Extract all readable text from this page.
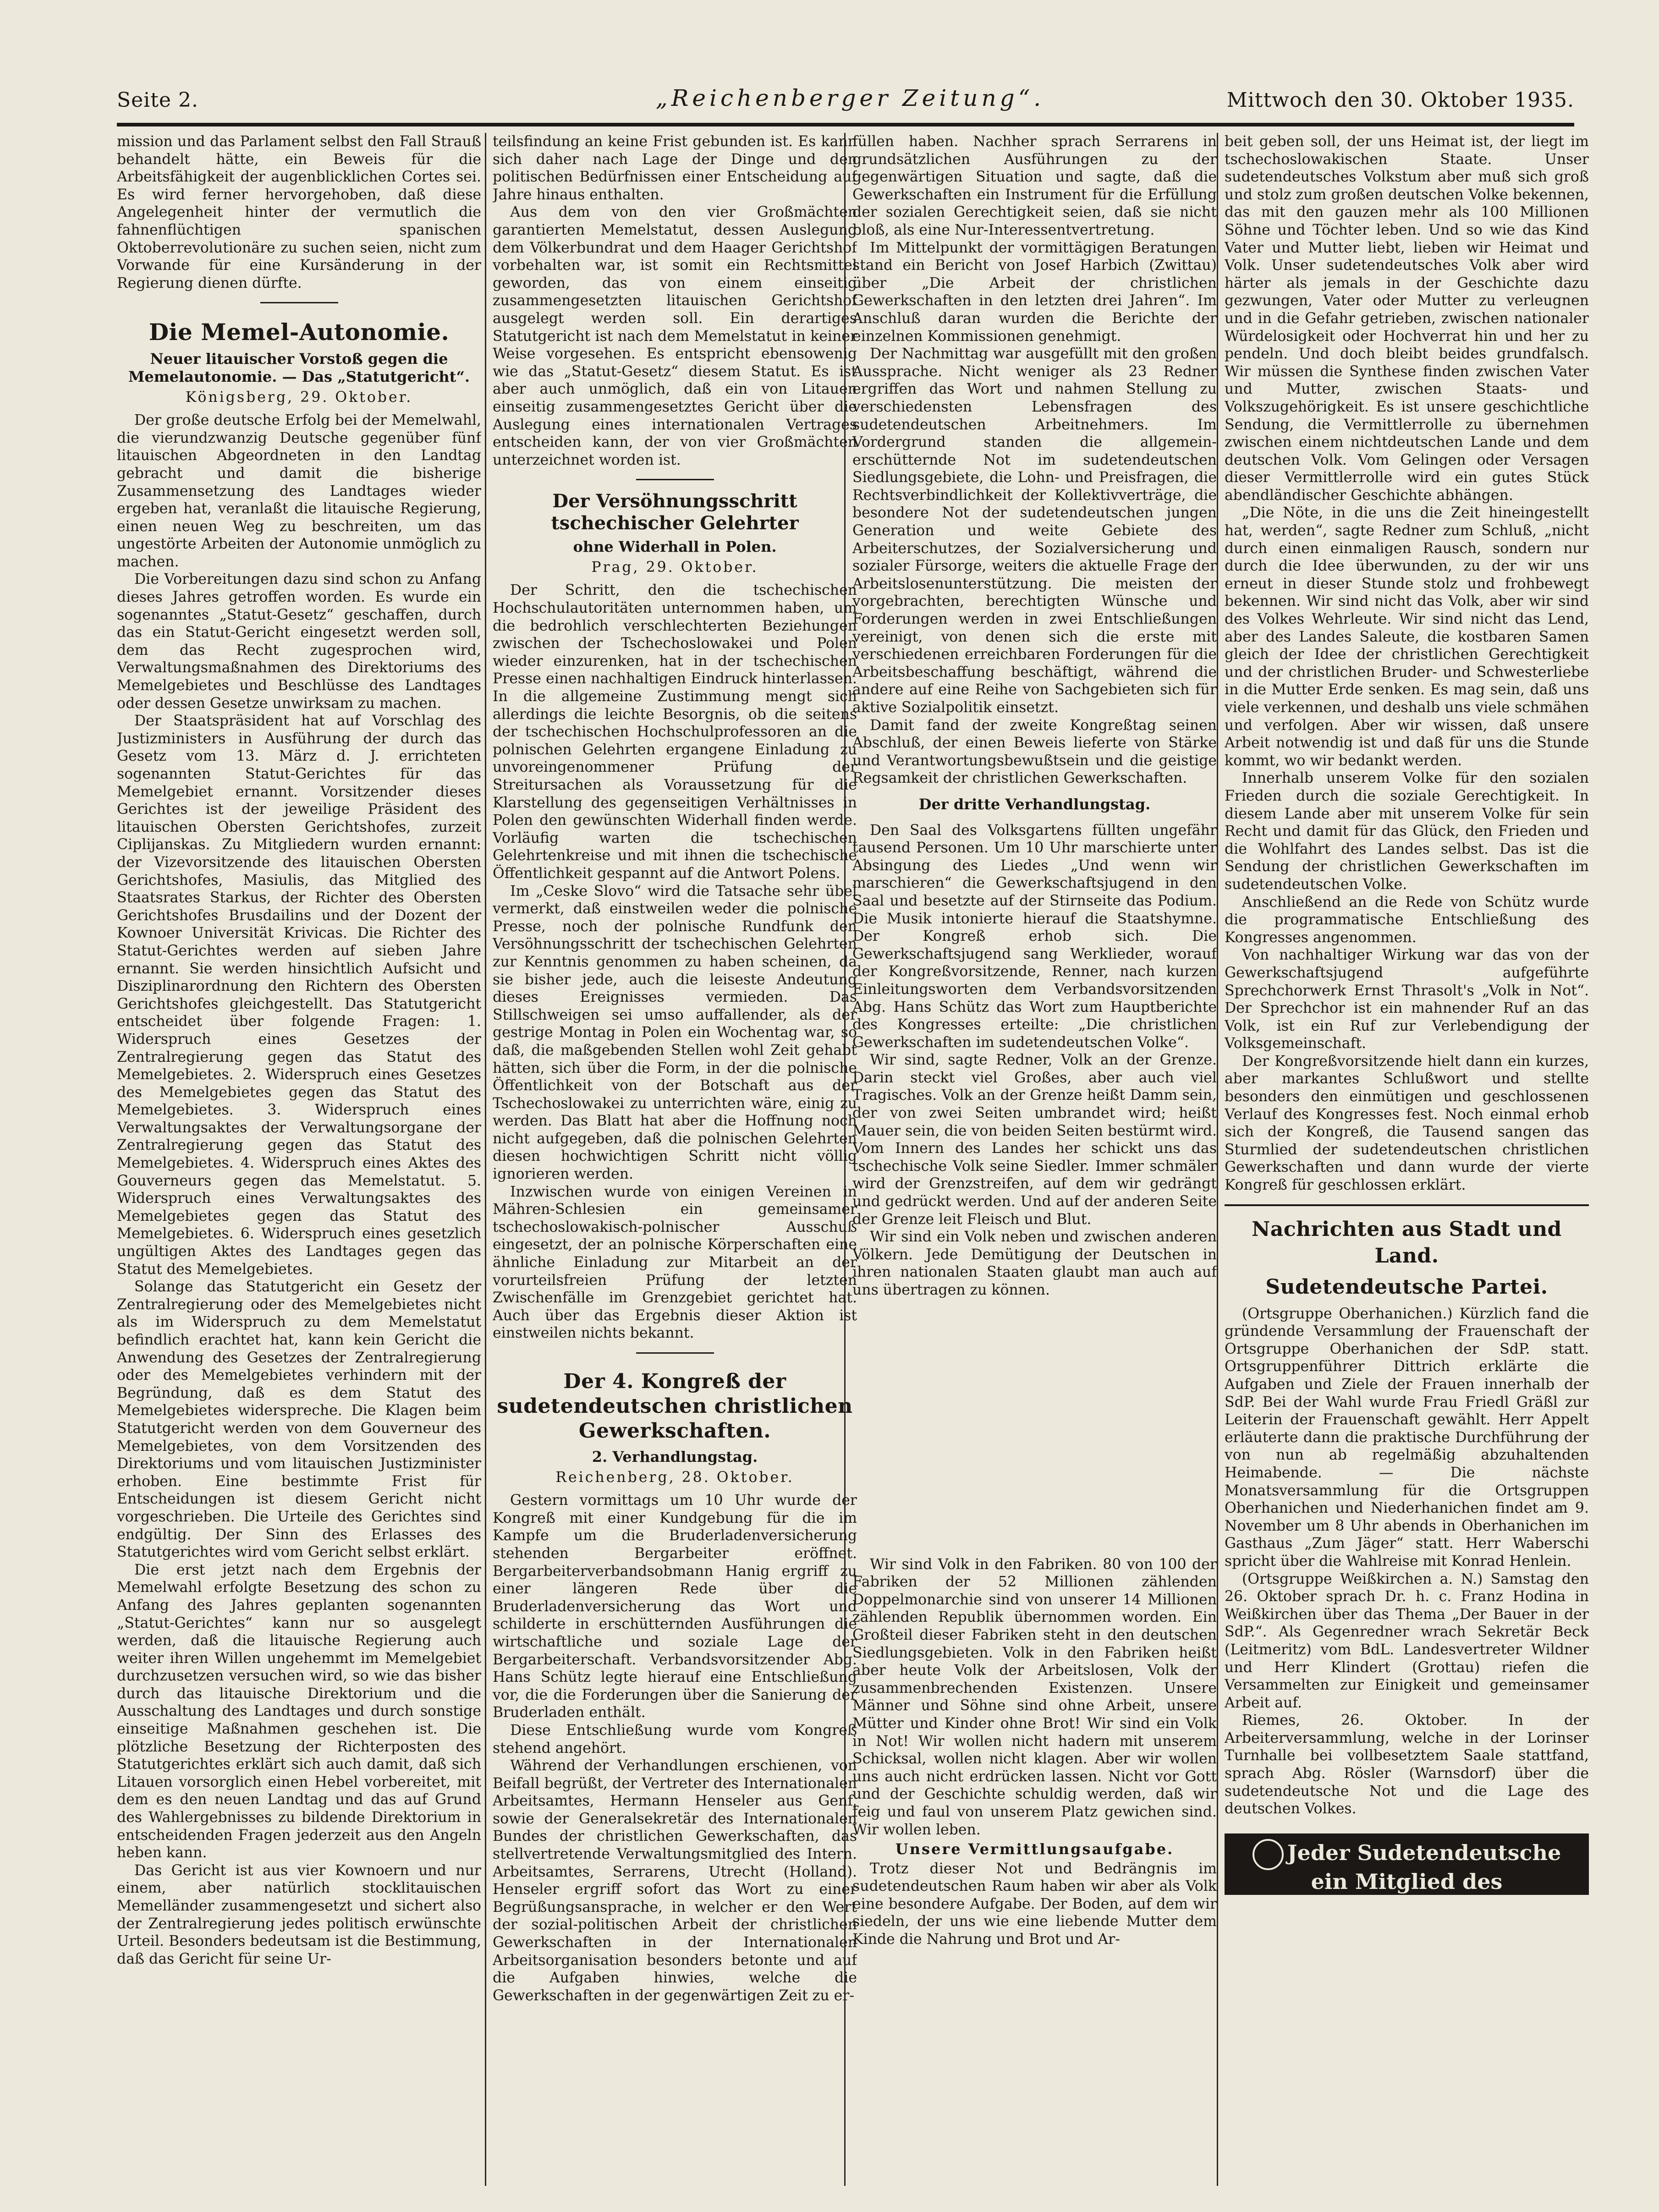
Seite 2.	„Reichenberger Zeitung“.	Mittwoch den 30. Oktober 1935.

mission und das Parlament selbst den Fall Strauß behandelt hätte, ein Beweis für die Arbeitsfähigkeit der augenblicklichen Cortes sei. Es wird ferner hervorgehoben, daß diese Angelegenheit hinter der vermutlich die fahnenflüchtigen spanischen Oktoberrevolutionäre zu suchen seien, nicht zum Vorwande für eine Kursänderung in der Regierung dienen dürfte.

Die Memel-Autonomie.

Neuer litauischer Vorstoß gegen die Memelautonomie. — Das „Statutgericht“.

Königsberg, 29. Oktober.

Der große deutsche Erfolg bei der Memelwahl, die vierundzwanzig Deutsche gegenüber fünf litauischen Abgeordneten in den Landtag gebracht und damit die bisherige Zusammensetzung des Landtages wieder ergeben hat, veranlaßt die litauische Regierung, einen neuen Weg zu beschreiten, um das ungestörte Arbeiten der Autonomie unmöglich zu machen.

Die Vorbereitungen dazu sind schon zu Anfang dieses Jahres getroffen worden. Es wurde ein sogenanntes „Statut-Gesetz“ geschaffen, durch das ein Statut-Gericht eingesetzt werden soll, dem das Recht zugesprochen wird, Verwaltungsmaßnahmen des Direktoriums des Memelgebietes und Beschlüsse des Landtages oder dessen Gesetze unwirksam zu machen.

Der Staatspräsident hat auf Vorschlag des Justizministers in Ausführung der durch das Gesetz vom 13. März d. J. errichteten sogenannten Statut-Gerichtes für das Memelgebiet ernannt. Vorsitzender dieses Gerichtes ist der jeweilige Präsident des litauischen Obersten Gerichtshofes, zurzeit Ciplijanskas. Zu Mitgliedern wurden ernannt: der Vizevorsitzende des litauischen Obersten Gerichtshofes, Masiulis, das Mitglied des Staatsrates Starkus, der Richter des Obersten Gerichtshofes Brusdailins und der Dozent der Kownoer Universität Krivicas. Die Richter des Statut-Gerichtes werden auf sieben Jahre ernannt. Sie werden hinsichtlich Aufsicht und Disziplinarordnung den Richtern des Obersten Gerichtshofes gleichgestellt. Das Statutgericht entscheidet über folgende Fragen: 1. Widerspruch eines Gesetzes der Zentralregierung gegen das Statut des Memelgebietes. 2. Widerspruch eines Gesetzes des Memelgebietes gegen das Statut des Memelgebietes. 3. Widerspruch eines Verwaltungsaktes der Verwaltungsorgane der Zentralregierung gegen das Statut des Memelgebietes. 4. Widerspruch eines Aktes des Gouverneurs gegen das Memelstatut. 5. Widerspruch eines Verwaltungsaktes des Memelgebietes gegen das Statut des Memelgebietes. 6. Widerspruch eines gesetzlich ungültigen Aktes des Landtages gegen das Statut des Memelgebietes.

Solange das Statutgericht ein Gesetz der Zentralregierung oder des Memelgebietes nicht als im Widerspruch zu dem Memelstatut befindlich erachtet hat, kann kein Gericht die Anwendung des Gesetzes der Zentralregierung oder des Memelgebietes verhindern mit der Begründung, daß es dem Statut des Memelgebietes widerspreche. Die Klagen beim Statutgericht werden von dem Gouverneur des Memelgebietes, von dem Vorsitzenden des Direktoriums und vom litauischen Justizminister erhoben. Eine bestimmte Frist für Entscheidungen ist diesem Gericht nicht vorgeschrieben. Die Urteile des Gerichtes sind endgültig. Der Sinn des Erlasses des Statutgerichtes wird vom Gericht selbst erklärt.

Die erst jetzt nach dem Ergebnis der Memelwahl erfolgte Besetzung des schon zu Anfang des Jahres geplanten sogenannten „Statut-Gerichtes“ kann nur so ausgelegt werden, daß die litauische Regierung auch weiter ihren Willen ungehemmt im Memelgebiet durchzusetzen versuchen wird, so wie das bisher durch das litauische Direktorium und die Ausschaltung des Landtages und durch sonstige einseitige Maßnahmen geschehen ist. Die plötzliche Besetzung der Richterposten des Statutgerichtes erklärt sich auch damit, daß sich Litauen vorsorglich einen Hebel vorbereitet, mit dem es den neuen Landtag und das auf Grund des Wahlergebnisses zu bildende Direktorium in entscheidenden Fragen jederzeit aus den Angeln heben kann.

Das Gericht ist aus vier Kownoern und nur einem, aber natürlich stocklitauischen Memelländer zusammengesetzt und sichert also der Zentralregierung jedes politisch erwünschte Urteil. Besonders bedeutsam ist die Bestimmung, daß das Gericht für seine Ur-

teilsfindung an keine Frist gebunden ist. Es kann sich daher nach Lage der Dinge und den politischen Bedürfnissen einer Entscheidung auf Jahre hinaus enthalten.

Aus dem von den vier Großmächten garantierten Memelstatut, dessen Auslegung dem Völkerbundrat und dem Haager Gerichtshof vorbehalten war, ist somit ein Rechtsmittel geworden, das von einem einseitig zusammengesetzten litauischen Gerichtshof ausgelegt werden soll. Ein derartiges Statutgericht ist nach dem Memelstatut in keiner Weise vorgesehen. Es entspricht ebensowenig wie das „Statut-Gesetz“ diesem Statut. Es ist aber auch unmöglich, daß ein von Litauen einseitig zusammengesetztes Gericht über die Auslegung eines internationalen Vertrages entscheiden kann, der von vier Großmächten unterzeichnet worden ist.

Der Versöhnungsschritt tschechischer Gelehrter

ohne Widerhall in Polen.

Prag, 29. Oktober.

Der Schritt, den die tschechischen Hochschulautoritäten unternommen haben, um die bedrohlich verschlechterten Beziehungen zwischen der Tschechoslowakei und Polen wieder einzurenken, hat in der tschechischen Presse einen nachhaltigen Eindruck hinterlassen. In die allgemeine Zustimmung mengt sich allerdings die leichte Besorgnis, ob die seitens der tschechischen Hochschulprofessoren an die polnischen Gelehrten ergangene Einladung zu unvoreingenommener Prüfung der Streitursachen als Voraussetzung für die Klarstellung des gegenseitigen Verhältnisses in Polen den gewünschten Widerhall finden werde. Vorläufig warten die tschechischen Gelehrtenkreise und mit ihnen die tschechische Öffentlichkeit gespannt auf die Antwort Polens.

Im „Ceske Slovo“ wird die Tatsache sehr übel vermerkt, daß einstweilen weder die polnische Presse, noch der polnische Rundfunk den Versöhnungsschritt der tschechischen Gelehrten zur Kenntnis genommen zu haben scheinen, da sie bisher jede, auch die leiseste Andeutung dieses Ereignisses vermieden. Das Stillschweigen sei umso auffallender, als der gestrige Montag in Polen ein Wochentag war, so daß, die maßgebenden Stellen wohl Zeit gehabt hätten, sich über die Form, in der die polnische Öffentlichkeit von der Botschaft aus der Tschechoslowakei zu unterrichten wäre, einig zu werden. Das Blatt hat aber die Hoffnung noch nicht aufgegeben, daß die polnischen Gelehrten diesen hochwichtigen Schritt nicht völlig ignorieren werden.

Inzwischen wurde von einigen Vereinen in Mähren-Schlesien ein gemeinsamer tschechoslowakisch-polnischer Ausschuß eingesetzt, der an polnische Körperschaften eine ähnliche Einladung zur Mitarbeit an der vorurteilsfreien Prüfung der letzten Zwischenfälle im Grenzgebiet gerichtet hat. Auch über das Ergebnis dieser Aktion ist einstweilen nichts bekannt.

Der 4. Kongreß der sudetendeutschen christlichen Gewerkschaften.

2. Verhandlungstag.

Reichenberg, 28. Oktober.

Gestern vormittags um 10 Uhr wurde der Kongreß mit einer Kundgebung für die im Kampfe um die Bruderladenversicherung stehenden Bergarbeiter eröffnet. Bergarbeiterverbandsobmann Hanig ergriff zu einer längeren Rede über die Bruderladenversicherung das Wort und schilderte in erschütternden Ausführungen die wirtschaftliche und soziale Lage der Bergarbeiterschaft. Verbandsvorsitzender Abg. Hans Schütz legte hierauf eine Entschließung vor, die die Forderungen über die Sanierung der Bruderladen enthält.

Diese Entschließung wurde vom Kongreß stehend angehört.

Während der Verhandlungen erschienen, von Beifall begrüßt, der Vertreter des Internationalen Arbeitsamtes, Hermann Henseler aus Genf, sowie der Generalsekretär des Internationalen Bundes der christlichen Gewerkschaften, das stellvertretende Verwaltungsmitglied des Intern. Arbeitsamtes, Serrarens, Utrecht (Holland). Henseler ergriff sofort das Wort zu einer Begrüßungsansprache, in welcher er den Wert der sozial-politischen Arbeit der christlichen Gewerkschaften in der Internationalen Arbeitsorganisation besonders betonte und auf die Aufgaben hinwies, welche die Gewerkschaften in der gegenwärtigen Zeit zu er-

füllen haben. Nachher sprach Serrarens in grundsätzlichen Ausführungen zu der gegenwärtigen Situation und sagte, daß die Gewerkschaften ein Instrument für die Erfüllung der sozialen Gerechtigkeit seien, daß sie nicht bloß, als eine Nur-Interessentvertretung.

Im Mittelpunkt der vormittägigen Beratungen stand ein Bericht von Josef Harbich (Zwittau) über „Die Arbeit der christlichen Gewerkschaften in den letzten drei Jahren“. Im Anschluß daran wurden die Berichte der einzelnen Kommissionen genehmigt.

Der Nachmittag war ausgefüllt mit den großen Aussprache. Nicht weniger als 23 Redner ergriffen das Wort und nahmen Stellung zu verschiedensten Lebensfragen des sudetendeutschen Arbeitnehmers. Im Vordergrund standen die allgemein-erschütternde Not im sudetendeutschen Siedlungsgebiete, die Lohn- und Preisfragen, die Rechtsverbindlichkeit der Kollektivverträge, die besondere Not der sudetendeutschen jungen Generation und weite Gebiete des Arbeiterschutzes, der Sozialversicherung und sozialer Fürsorge, weiters die aktuelle Frage der Arbeitslosenunterstützung. Die meisten der vorgebrachten, berechtigten Wünsche und Forderungen werden in zwei Entschließungen vereinigt, von denen sich die erste mit verschiedenen erreichbaren Forderungen für die Arbeitsbeschaffung beschäftigt, während die andere auf eine Reihe von Sachgebieten sich für aktive Sozialpolitik einsetzt.

Damit fand der zweite Kongreßtag seinen Abschluß, der einen Beweis lieferte von Stärke und Verantwortungsbewußtsein und die geistige Regsamkeit der christlichen Gewerkschaften.

Der dritte Verhandlungstag.

Den Saal des Volksgartens füllten ungefähr tausend Personen. Um 10 Uhr marschierte unter Absingung des Liedes „Und wenn wir marschieren“ die Gewerkschaftsjugend in den Saal und besetzte auf der Stirnseite das Podium. Die Musik intonierte hierauf die Staatshymne. Der Kongreß erhob sich. Die Gewerkschaftsjugend sang Werklieder, worauf der Kongreßvorsitzende, Renner, nach kurzen Einleitungsworten dem Verbandsvorsitzenden Abg. Hans Schütz das Wort zum Hauptberichte des Kongresses erteilte: „Die christlichen Gewerkschaften im sudetendeutschen Volke“.

Wir sind, sagte Redner, Volk an der Grenze. Darin steckt viel Großes, aber auch viel Tragisches. Volk an der Grenze heißt Damm sein, der von zwei Seiten umbrandet wird; heißt Mauer sein, die von beiden Seiten bestürmt wird. Vom Innern des Landes her schickt uns das tschechische Volk seine Siedler. Immer schmäler wird der Grenzstreifen, auf dem wir gedrängt und gedrückt werden. Und auf der anderen Seite der Grenze leit Fleisch und Blut.

Wir sind ein Volk neben und zwischen anderen Völkern. Jede Demütigung der Deutschen in ihren nationalen Staaten glaubt man auch auf uns übertragen zu können.

Wir sind Volk in den Fabriken. 80 von 100 der Fabriken der 52 Millionen zählenden Doppelmonarchie sind von unserer 14 Millionen zählenden Republik übernommen worden. Ein Großteil dieser Fabriken steht in den deutschen Siedlungsgebieten. Volk in den Fabriken heißt aber heute Volk der Arbeitslosen, Volk der zusammenbrechenden Existenzen. Unsere Männer und Söhne sind ohne Arbeit, unsere Mütter und Kinder ohne Brot! Wir sind ein Volk in Not! Wir wollen nicht hadern mit unserem Schicksal, wollen nicht klagen. Aber wir wollen uns auch nicht erdrücken lassen. Nicht vor Gott und der Geschichte schuldig werden, daß wir feig und faul von unserem Platz gewichen sind. Wir wollen leben.

Unsere Vermittlungsaufgabe.

Trotz dieser Not und Bedrängnis im sudetendeutschen Raum haben wir aber als Volk eine besondere Aufgabe. Der Boden, auf dem wir siedeln, der uns wie eine liebende Mutter dem Kinde die Nahrung und Brot und Ar-

beit geben soll, der uns Heimat ist, der liegt im tschechoslowakischen Staate. Unser sudetendeutsches Volkstum aber muß sich groß und stolz zum großen deutschen Volke bekennen, das mit den gauzen mehr als 100 Millionen Söhne und Töchter leben. Und so wie das Kind Vater und Mutter liebt, lieben wir Heimat und Volk. Unser sudetendeutsches Volk aber wird härter als jemals in der Geschichte dazu gezwungen, Vater oder Mutter zu verleugnen und in die Gefahr getrieben, zwischen nationaler Würdelosigkeit oder Hochverrat hin und her zu pendeln. Und doch bleibt beides grundfalsch. Wir müssen die Synthese finden zwischen Vater und Mutter, zwischen Staats- und Volkszugehörigkeit. Es ist unsere geschichtliche Sendung, die Vermittlerrolle zu übernehmen zwischen einem nichtdeutschen Lande und dem deutschen Volk. Vom Gelingen oder Versagen dieser Vermittlerrolle wird ein gutes Stück abendländischer Geschichte abhängen.

„Die Nöte, in die uns die Zeit hineingestellt hat, werden“, sagte Redner zum Schluß, „nicht durch einen einmaligen Rausch, sondern nur durch die Idee überwunden, zu der wir uns erneut in dieser Stunde stolz und frohbewegt bekennen. Wir sind nicht das Volk, aber wir sind des Volkes Wehrleute. Wir sind nicht das Lend, aber des Landes Saleute, die kostbaren Samen gleich der Idee der christlichen Gerechtigkeit und der christlichen Bruder- und Schwesterliebe in die Mutter Erde senken. Es mag sein, daß uns viele verkennen, und deshalb uns viele schmähen und verfolgen. Aber wir wissen, daß unsere Arbeit notwendig ist und daß für uns die Stunde kommt, wo wir bedankt werden.

Innerhalb unserem Volke für den sozialen Frieden durch die soziale Gerechtigkeit. In diesem Lande aber mit unserem Volke für sein Recht und damit für das Glück, den Frieden und die Wohlfahrt des Landes selbst. Das ist die Sendung der christlichen Gewerkschaften im sudetendeutschen Volke.

Anschließend an die Rede von Schütz wurde die programmatische Entschließung des Kongresses angenommen.

Von nachhaltiger Wirkung war das von der Gewerkschaftsjugend aufgeführte Sprechchorwerk Ernst Thrasolt's „Volk in Not“. Der Sprechchor ist ein mahnender Ruf an das Volk, ist ein Ruf zur Verlebendigung der Volksgemeinschaft.

Der Kongreßvorsitzende hielt dann ein kurzes, aber markantes Schlußwort und stellte besonders den einmütigen und geschlossenen Verlauf des Kongresses fest. Noch einmal erhob sich der Kongreß, die Tausend sangen das Sturmlied der sudetendeutschen christlichen Gewerkschaften und dann wurde der vierte Kongreß für geschlossen erklärt.

Nachrichten aus Stadt und Land.
Sudetendeutsche Partei.

(Ortsgruppe Oberhanichen.) Kürzlich fand die gründende Versammlung der Frauenschaft der Ortsgruppe Oberhanichen der SdP. statt. Ortsgruppenführer Dittrich erklärte die Aufgaben und Ziele der Frauen innerhalb der SdP. Bei der Wahl wurde Frau Friedl Gräßl zur Leiterin der Frauenschaft gewählt. Herr Appelt erläuterte dann die praktische Durchführung der von nun ab regelmäßig abzuhaltenden Heimabende. — Die nächste Monatsversammlung für die Ortsgruppen Oberhanichen und Niederhanichen findet am 9. November um 8 Uhr abends in Oberhanichen im Gasthaus „Zum Jäger“ statt. Herr Waberschi spricht über die Wahlreise mit Konrad Henlein.

(Ortsgruppe Weißkirchen a. N.) Samstag den 26. Oktober sprach Dr. h. c. Franz Hodina in Weißkirchen über das Thema „Der Bauer in der SdP.“. Als Gegenredner wrach Sekretär Beck (Leitmeritz) vom BdL. Landesvertreter Wildner und Herr Klindert (Grottau) riefen die Versammelten zur Einigkeit und gemeinsamer Arbeit auf.

Riemes, 26. Oktober. In der Arbeiterversammlung, welche in der Lorinser Turnhalle bei vollbesetztem Saale stattfand, sprach Abg. Rösler (Warnsdorf) über die sudetendeutsche Not und die Lage des deutschen Volkes.

Jeder Sudetendeutsche ein Mitglied des Kulturverbandes!
